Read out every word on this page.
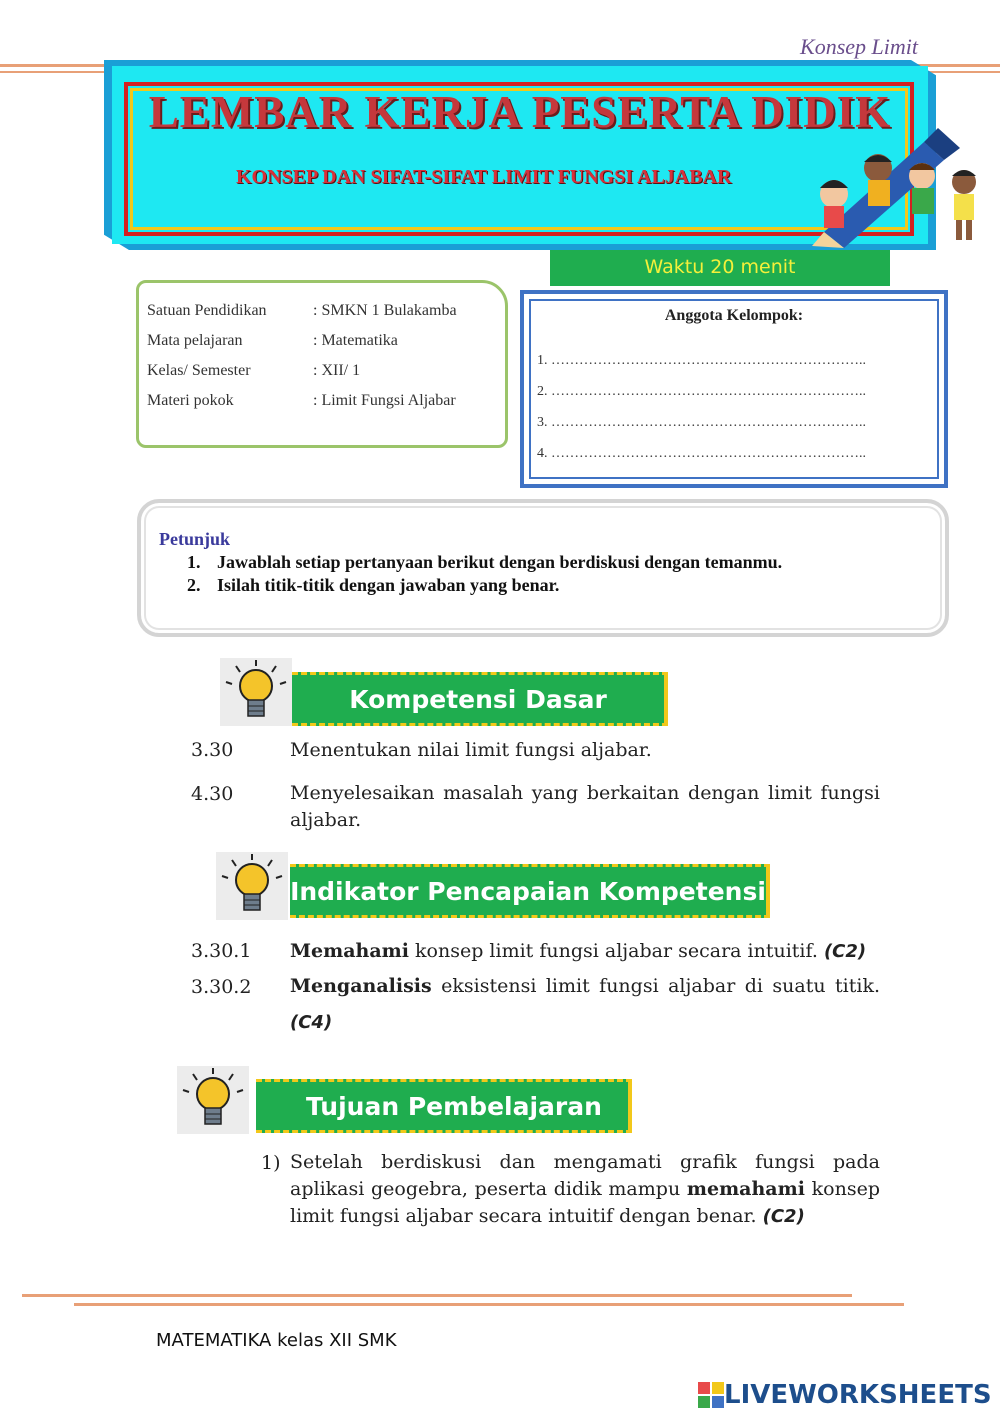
Konsep Limit
LEMBAR KERJA PESERTA DIDIK
KONSEP DAN SIFAT-SIFAT LIMIT FUNGSI ALJABAR
Waktu 20 menit
Satuan Pendidikan	: SMKN 1 Bulakamba
Mata pelajaran	: Matematika
Kelas/ Semester	: XII/ 1
Materi pokok	: Limit Fungsi Aljabar
Anggota Kelompok:
1. …………………………………………………………..
2. …………………………………………………………..
3. …………………………………………………………..
4. …………………………………………………………..
Petunjuk
1. Jawablah setiap pertanyaan berikut dengan berdiskusi dengan temanmu.
2. Isilah titik-titik dengan jawaban yang benar.
Kompetensi Dasar
3.30	Menentukan nilai limit fungsi aljabar.
4.30	Menyelesaikan masalah yang berkaitan dengan limit fungsi aljabar.
Indikator Pencapaian Kompetensi
3.30.1 Memahami konsep limit fungsi aljabar secara intuitif. (C2)
3.30.2 Menganalisis eksistensi limit fungsi aljabar di suatu titik.
(C4)
Tujuan Pembelajaran
1) Setelah berdiskusi dan mengamati grafik fungsi pada aplikasi geogebra, peserta didik mampu memahami konsep limit fungsi aljabar secara intuitif dengan benar. (C2)
MATEMATIKA kelas XII SMK
LIVEWORKSHEETS
